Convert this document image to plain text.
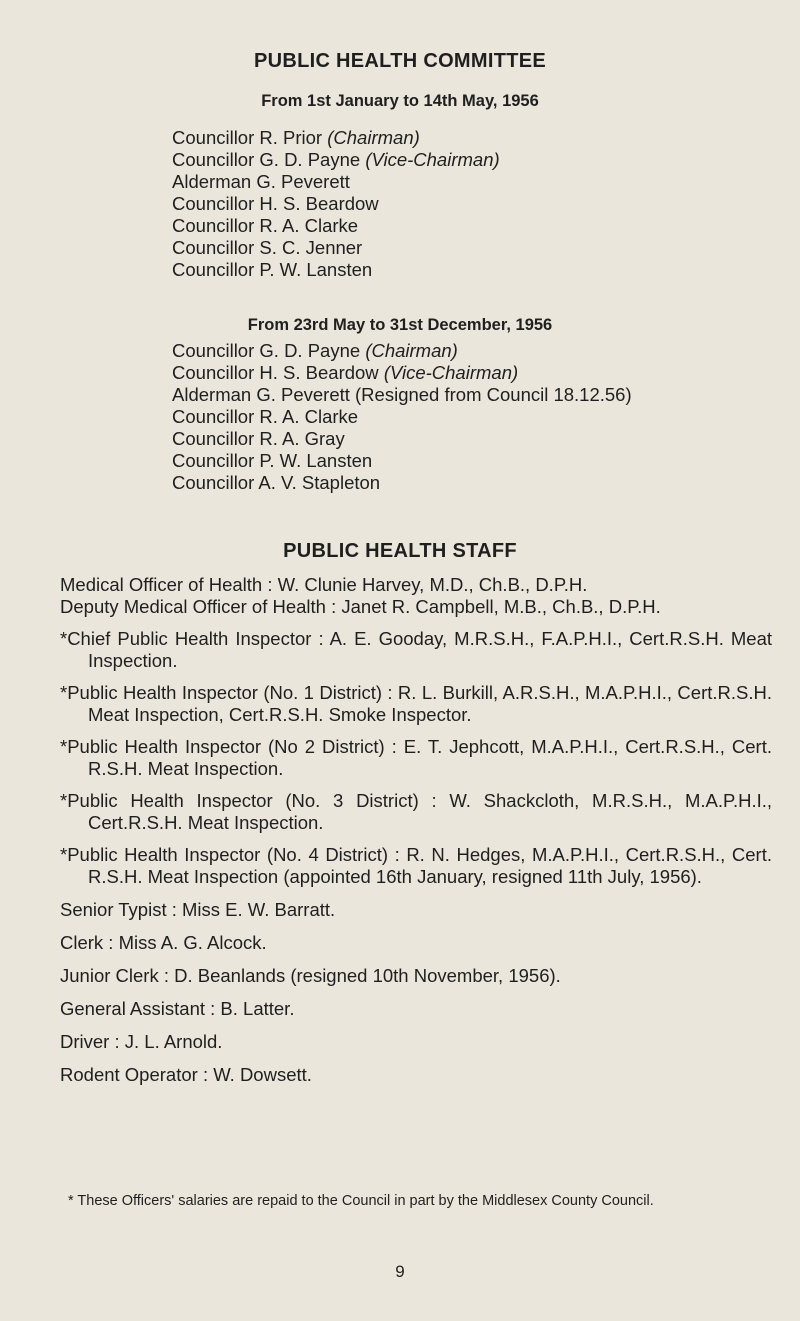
PUBLIC HEALTH COMMITTEE
From 1st January to 14th May, 1956
Councillor R. Prior (Chairman)
Councillor G. D. Payne (Vice-Chairman)
Alderman G. Peverett
Councillor H. S. Beardow
Councillor R. A. Clarke
Councillor S. C. Jenner
Councillor P. W. Lansten
From 23rd May to 31st December, 1956
Councillor G. D. Payne (Chairman)
Councillor H. S. Beardow (Vice-Chairman)
Alderman G. Peverett (Resigned from Council 18.12.56)
Councillor R. A. Clarke
Councillor R. A. Gray
Councillor P. W. Lansten
Councillor A. V. Stapleton
PUBLIC HEALTH STAFF
Medical Officer of Health : W. Clunie Harvey, M.D., Ch.B., D.P.H.
Deputy Medical Officer of Health : Janet R. Campbell, M.B., Ch.B., D.P.H.
*Chief Public Health Inspector : A. E. Gooday, M.R.S.H., F.A.P.H.I., Cert.R.S.H. Meat Inspection.
*Public Health Inspector (No. 1 District) : R. L. Burkill, A.R.S.H., M.A.P.H.I., Cert.R.S.H. Meat Inspection, Cert.R.S.H. Smoke Inspector.
*Public Health Inspector (No 2 District) : E. T. Jephcott, M.A.P.H.I., Cert.R.S.H., Cert. R.S.H. Meat Inspection.
*Public Health Inspector (No. 3 District) : W. Shackcloth, M.R.S.H., M.A.P.H.I., Cert.R.S.H. Meat Inspection.
*Public Health Inspector (No. 4 District) : R. N. Hedges, M.A.P.H.I., Cert.R.S.H., Cert. R.S.H. Meat Inspection (appointed 16th January, resigned 11th July, 1956).
Senior Typist : Miss E. W. Barratt.
Clerk : Miss A. G. Alcock.
Junior Clerk : D. Beanlands (resigned 10th November, 1956).
General Assistant : B. Latter.
Driver : J. L. Arnold.
Rodent Operator : W. Dowsett.
* These Officers' salaries are repaid to the Council in part by the Middlesex County Council.
9
